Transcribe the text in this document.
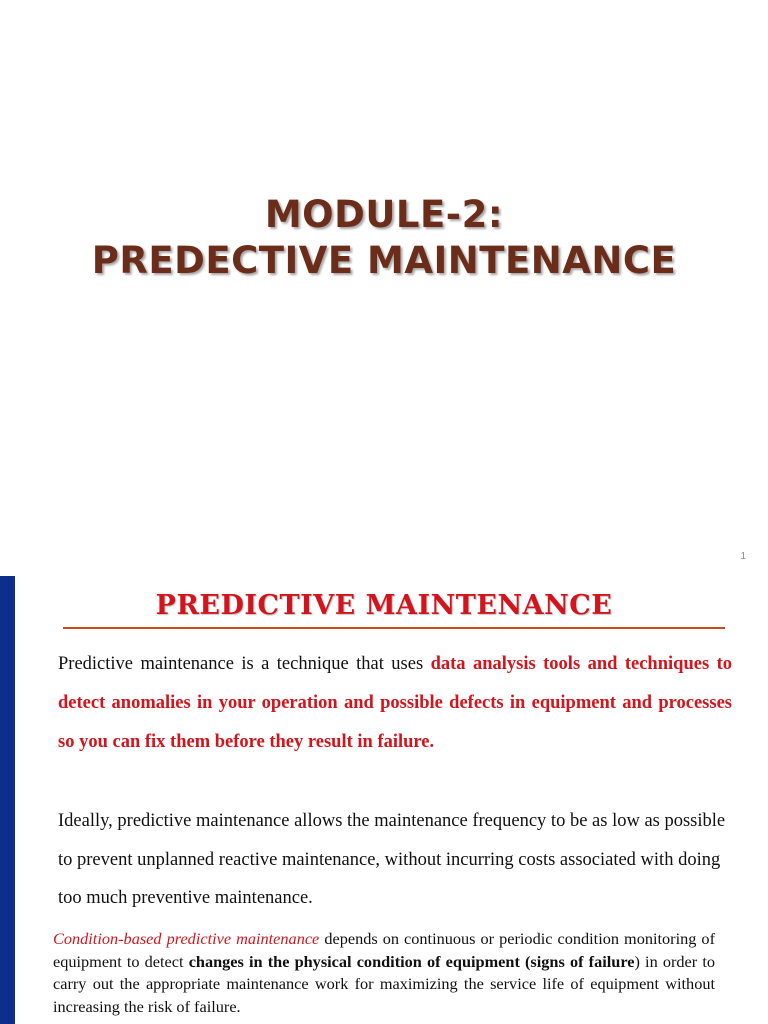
MODULE-2:
PREDECTIVE MAINTENANCE
1
PREDICTIVE MAINTENANCE
Predictive maintenance is a technique that uses data analysis tools and techniques to detect anomalies in your operation and possible defects in equipment and processes so you can fix them before they result in failure.
Ideally, predictive maintenance allows the maintenance frequency to be as low as possible to prevent unplanned reactive maintenance, without incurring costs associated with doing too much preventive maintenance.
Condition-based predictive maintenance depends on continuous or periodic condition monitoring of equipment to detect changes in the physical condition of equipment (signs of failure) in order to carry out the appropriate maintenance work for maximizing the service life of equipment without increasing the risk of failure.
